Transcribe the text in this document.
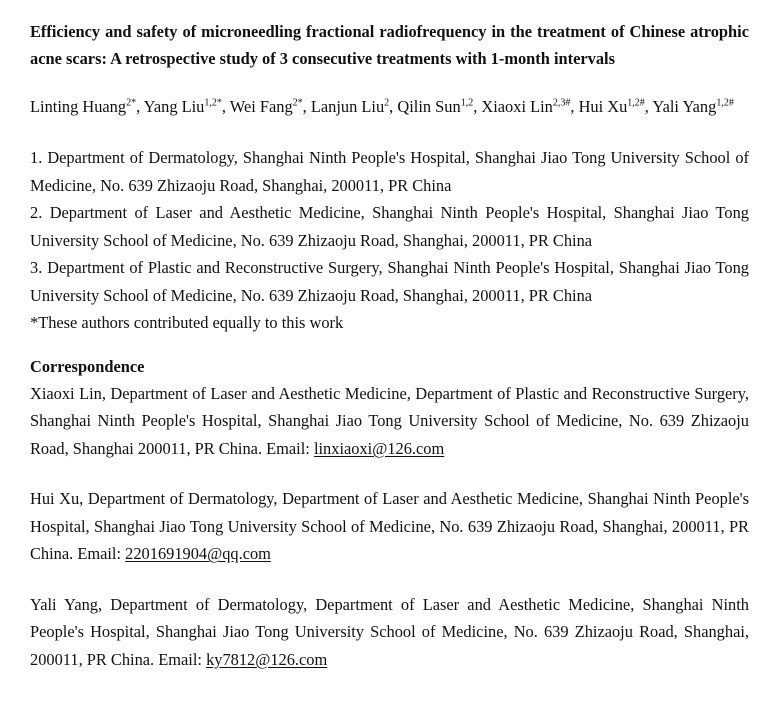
Efficiency and safety of microneedling fractional radiofrequency in the treatment of Chinese atrophic acne scars: A retrospective study of 3 consecutive treatments with 1-month intervals

Linting Huang$^{2*}$, Yang Liu$^{1,2*}$, Wei Fang$^{2*}$, Lanjun Liu$^2$, Qilin Sun$^{1,2}$, Xiaoxi Lin$^{2,3\#}$, Hui $Xu^{1,2\#}$, Yali Yang$^{1,2\#}$

1. Department of Dermatology, Shanghai Ninth People's Hospital, Shanghai Jiao Tong University School of Medicine, No. 639 Zhizaoju Road, Shanghai, 200011, PR China
2. Department of Laser and Aesthetic Medicine, Shanghai Ninth People's Hospital, Shanghai Jiao Tong University School of Medicine, No. 639 Zhizaoju Road, Shanghai, 200011, PR China
3. Department of Plastic and Reconstructive Surgery, Shanghai Ninth People's Hospital, Shanghai Jiao Tong University School of Medicine, No. 639 Zhizaoju Road, Shanghai, 200011, PR China
*These authors contributed equally to this work
Correspondence

Xiaoxi Lin, Department of Laser and Aesthetic Medicine, Department of Plastic and Reconstructive Surgery, Shanghai Ninth People's Hospital, Shanghai Jiao Tong University School of Medicine, No. 639 Zhizaoju Road, Shanghai 200011, PR China. Email: linxiaoxi@126.com

Hui Xu, Department of Dermatology, Department of Laser and Aesthetic Medicine, Shanghai Ninth People's Hospital, Shanghai Jiao Tong University School of Medicine, No. 639 Zhizaoju Road, Shanghai, 200011, PR China. Email: 2201691904@qq.com

Yali Yang, Department of Dermatology, Department of Laser and Aesthetic Medicine, Shanghai Ninth People's Hospital, Shanghai Jiao Tong University School of Medicine, No. 639 Zhizaoju Road, Shanghai, 200011, PR China. Email: ky7812@126.com
